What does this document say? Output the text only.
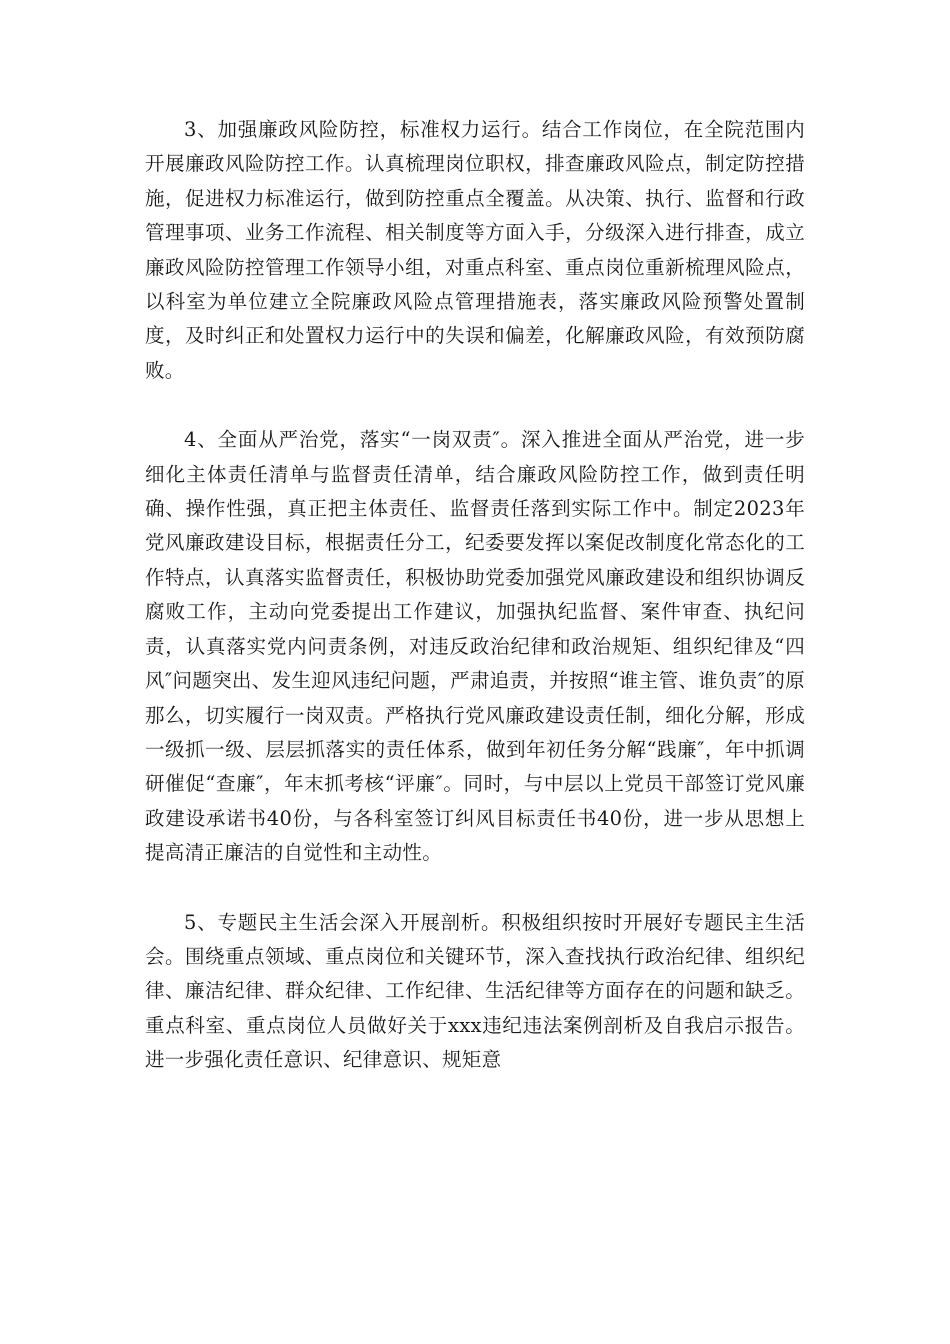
3、加强廉政风险防控，标准权力运行。结合工作岗位，在全院范围内开展廉政风险防控工作。认真梳理岗位职权，排查廉政风险点，制定防控措施，促进权力标准运行，做到防控重点全覆盖。从决策、执行、监督和行政管理事项、业务工作流程、相关制度等方面入手，分级深入进行排查，成立廉政风险防控管理工作领导小组，对重点科室、重点岗位重新梳理风险点，以科室为单位建立全院廉政风险点管理措施表，落实廉政风险预警处置制度，及时纠正和处置权力运行中的失误和偏差，化解廉政风险，有效预防腐败。

4、全面从严治党，落实“一岗双责″。深入推进全面从严治党，进一步细化主体责任清单与监督责任清单，结合廉政风险防控工作，做到责任明确、操作性强，真正把主体责任、监督责任落到实际工作中。制定2023年党风廉政建设目标，根据责任分工，纪委要发挥以案促改制度化常态化的工作特点，认真落实监督责任，积极协助党委加强党风廉政建设和组织协调反腐败工作，主动向党委提出工作建议，加强执纪监督、案件审查、执纪问责，认真落实党内问责条例，对违反政治纪律和政治规矩、组织纪律及“四风″问题突出、发生迎风违纪问题，严肃追责，并按照“谁主管、谁负责″的原那么，切实履行一岗双责。严格执行党风廉政建设责任制，细化分解，形成一级抓一级、层层抓落实的责任体系，做到年初任务分解“践廉″，年中抓调研催促“查廉″，年末抓考核“评廉″。同时，与中层以上党员干部签订党风廉政建设承诺书40份，与各科室签订纠风目标责任书40份，进一步从思想上提高清正廉洁的自觉性和主动性。

5、专题民主生活会深入开展剖析。积极组织按时开展好专题民主生活会。围绕重点领域、重点岗位和关键环节，深入查找执行政治纪律、组织纪律、廉洁纪律、群众纪律、工作纪律、生活纪律等方面存在的问题和缺乏。重点科室、重点岗位人员做好关于xxx违纪违法案例剖析及自我启示报告。进一步强化责任意识、纪律意识、规矩意
